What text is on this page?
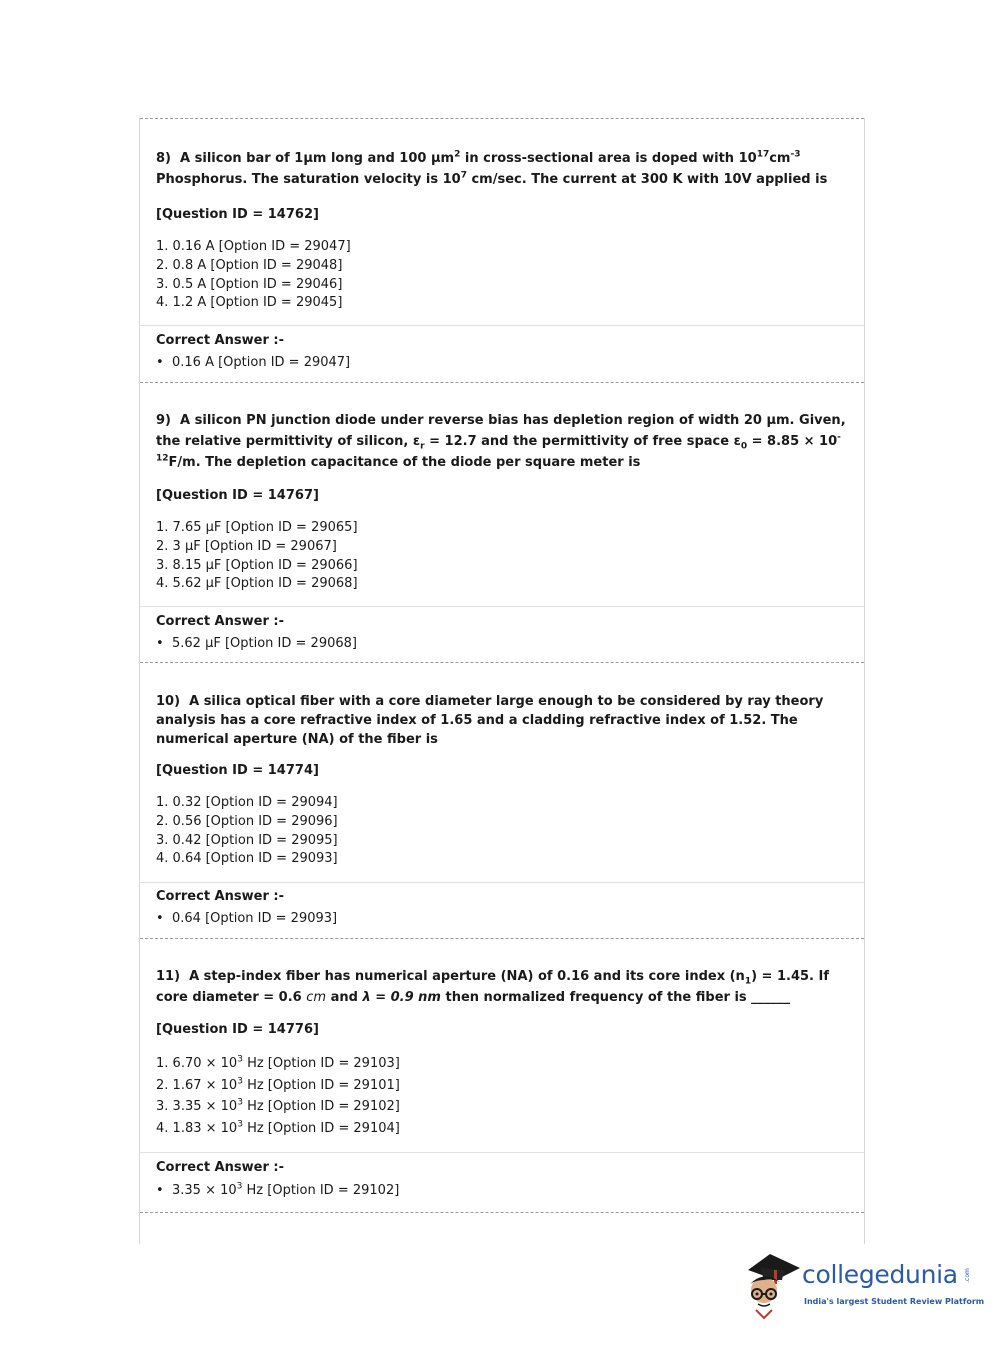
8)  A silicon bar of 1μm long and 100 $\mu m^2$ in cross-sectional area is doped with $10^{17}cm^{-3}$ Phosphorus. The saturation velocity is $10^7$ cm/sec. The current at 300 K with 10V applied is
[Question ID = 14762]
1. 0.16 A [Option ID = 29047]
2. 0.8 A [Option ID = 29048]
3. 0.5 A [Option ID = 29046]
4. 1.2 A [Option ID = 29045]
Correct Answer :-
• 0.16 A [Option ID = 29047]
9)  A silicon PN junction diode under reverse bias has depletion region of width 20 μm. Given, the relative permittivity of silicon, $\varepsilon_r = 12.7$ and the permittivity of free space $\varepsilon_0 = 8.85 \times 10^{-12}F/m$. The depletion capacitance of the diode per square meter is
[Question ID = 14767]
1. 7.65 μF [Option ID = 29065]
2. 3 μF [Option ID = 29067]
3. 8.15 μF [Option ID = 29066]
4. 5.62 μF [Option ID = 29068]
Correct Answer :-
• 5.62 μF [Option ID = 29068]
10) A silica optical fiber with a core diameter large enough to be considered by ray theory analysis has a core refractive index of 1.65 and a cladding refractive index of 1.52. The numerical aperture (NA) of the fiber is
[Question ID = 14774]
1. 0.32 [Option ID = 29094]
2. 0.56 [Option ID = 29096]
3. 0.42 [Option ID = 29095]
4. 0.64 [Option ID = 29093]
Correct Answer :-
• 0.64 [Option ID = 29093]
11)  A step-index fiber has numerical aperture (NA) of 0.16 and its core index $(n_1) = 1.45$. If core diameter = 0.6 cm and λ = 0.9 nm then normalized frequency of the fiber is ______
[Question ID = 14776]
1. $6.70 \times 10^3$ Hz [Option ID = 29103]
2. $1.67 \times 10^3$ Hz [Option ID = 29101]
3. $3.35 \times 10^3$ Hz [Option ID = 29102]
4. $1.83 \times 10^3$ Hz [Option ID = 29104]
Correct Answer :-
• $3.35 \times 10^3$ Hz [Option ID = 29102]
collegedunia .com
India's largest Student Review Platform
